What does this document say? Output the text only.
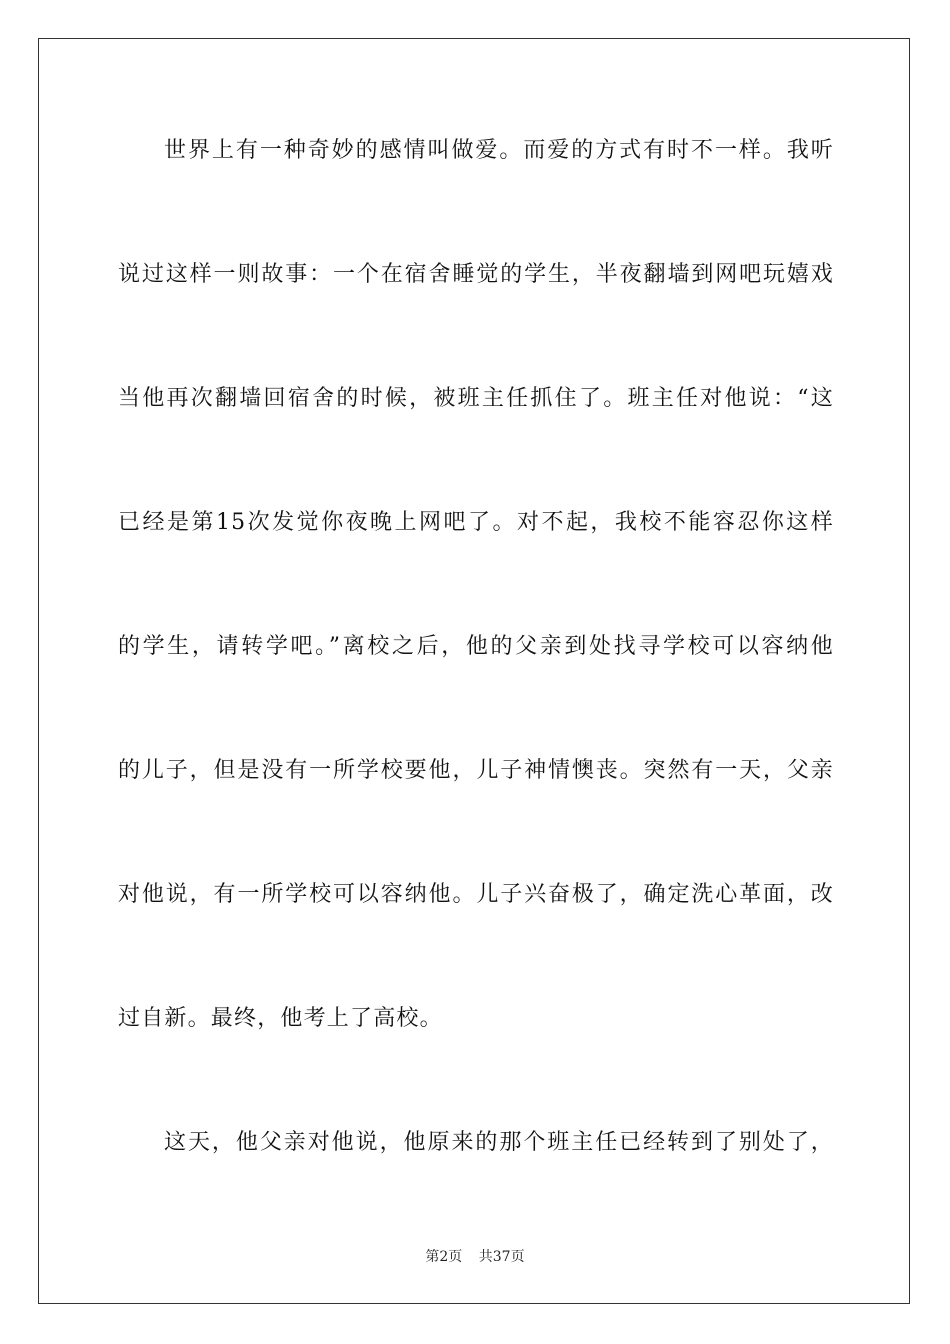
世界上有一种奇妙的感情叫做爱。而爱的方式有时不一样。我听
说过这样一则故事：一个在宿舍睡觉的学生，半夜翻墙到网吧玩嬉戏
当他再次翻墙回宿舍的时候，被班主任抓住了。班主任对他说：“这
已经是第15次发觉你夜晚上网吧了。对不起，我校不能容忍你这样
的学生，请转学吧。”离校之后，他的父亲到处找寻学校可以容纳他
的儿子，但是没有一所学校要他，儿子神情懊丧。突然有一天，父亲
对他说，有一所学校可以容纳他。儿子兴奋极了，确定洗心革面，改
过自新。最终，他考上了高校。
这天，他父亲对他说，他原来的那个班主任已经转到了别处了，
第2页 共37页
